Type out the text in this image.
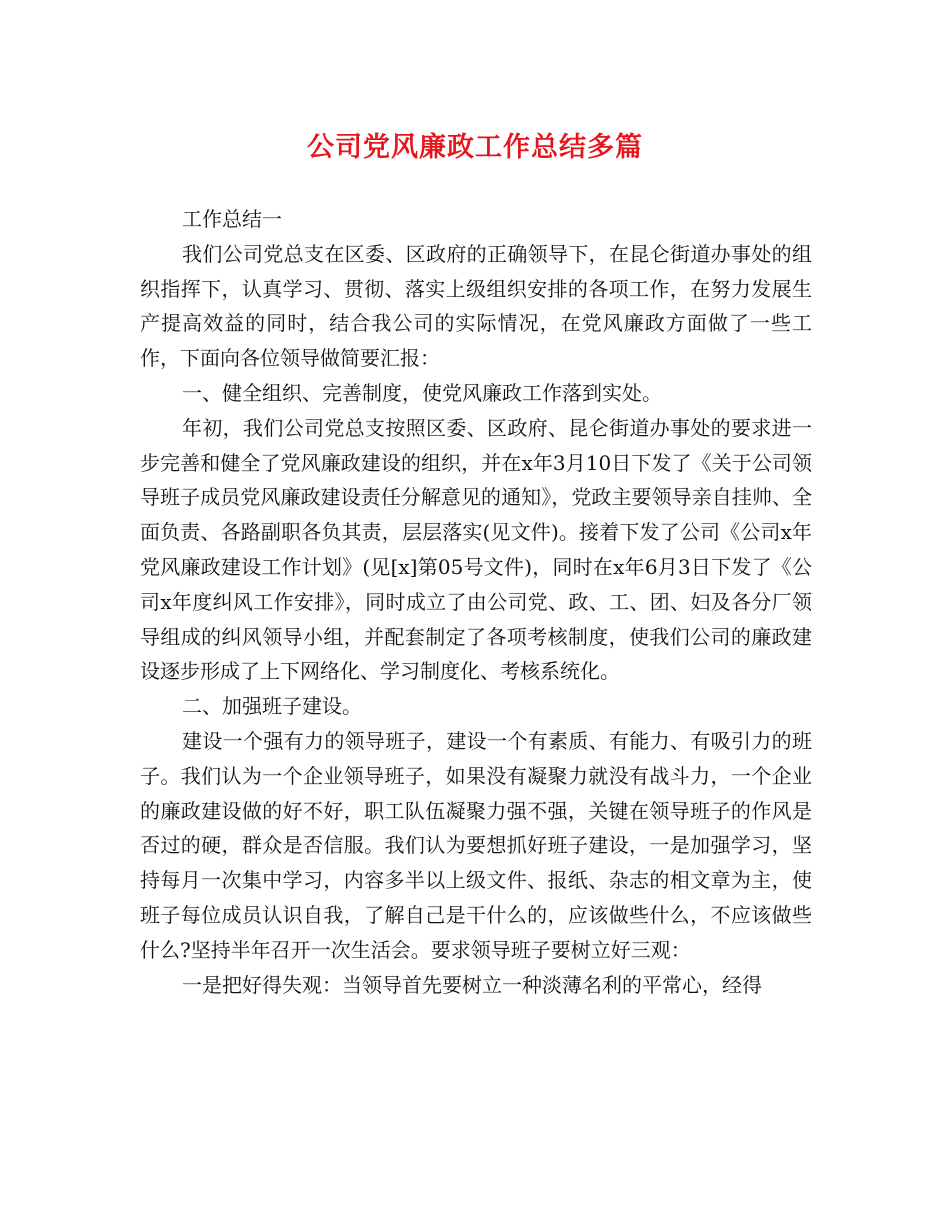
公司党风廉政工作总结多篇

工作总结一

我们公司党总支在区委、区政府的正确领导下，在昆仑街道办事处的组织指挥下，认真学习、贯彻、落实上级组织安排的各项工作，在努力发展生产提高效益的同时，结合我公司的实际情况，在党风廉政方面做了一些工作，下面向各位领导做简要汇报：

一、健全组织、完善制度，使党风廉政工作落到实处。

年初，我们公司党总支按照区委、区政府、昆仑街道办事处的要求进一步完善和健全了党风廉政建设的组织，并在x年3月10日下发了《关于公司领导班子成员党风廉政建设责任分解意见的通知》，党政主要领导亲自挂帅、全面负责、各路副职各负其责，层层落实(见文件)。接着下发了公司《公司x年党风廉政建设工作计划》(见[x]第05号文件)，同时在x年6月3日下发了《公司x年度纠风工作安排》，同时成立了由公司党、政、工、团、妇及各分厂领导组成的纠风领导小组，并配套制定了各项考核制度，使我们公司的廉政建设逐步形成了上下网络化、学习制度化、考核系统化。

二、加强班子建设。

建设一个强有力的领导班子，建设一个有素质、有能力、有吸引力的班子。我们认为一个企业领导班子，如果没有凝聚力就没有战斗力，一个企业的廉政建设做的好不好，职工队伍凝聚力强不强，关键在领导班子的作风是否过的硬，群众是否信服。我们认为要想抓好班子建设，一是加强学习，坚持每月一次集中学习，内容多半以上级文件、报纸、杂志的相文章为主，使班子每位成员认识自我，了解自己是干什么的，应该做些什么，不应该做些什么?坚持半年召开一次生活会。要求领导班子要树立好三观：

一是把好得失观：当领导首先要树立一种淡薄名利的平常心，经得
